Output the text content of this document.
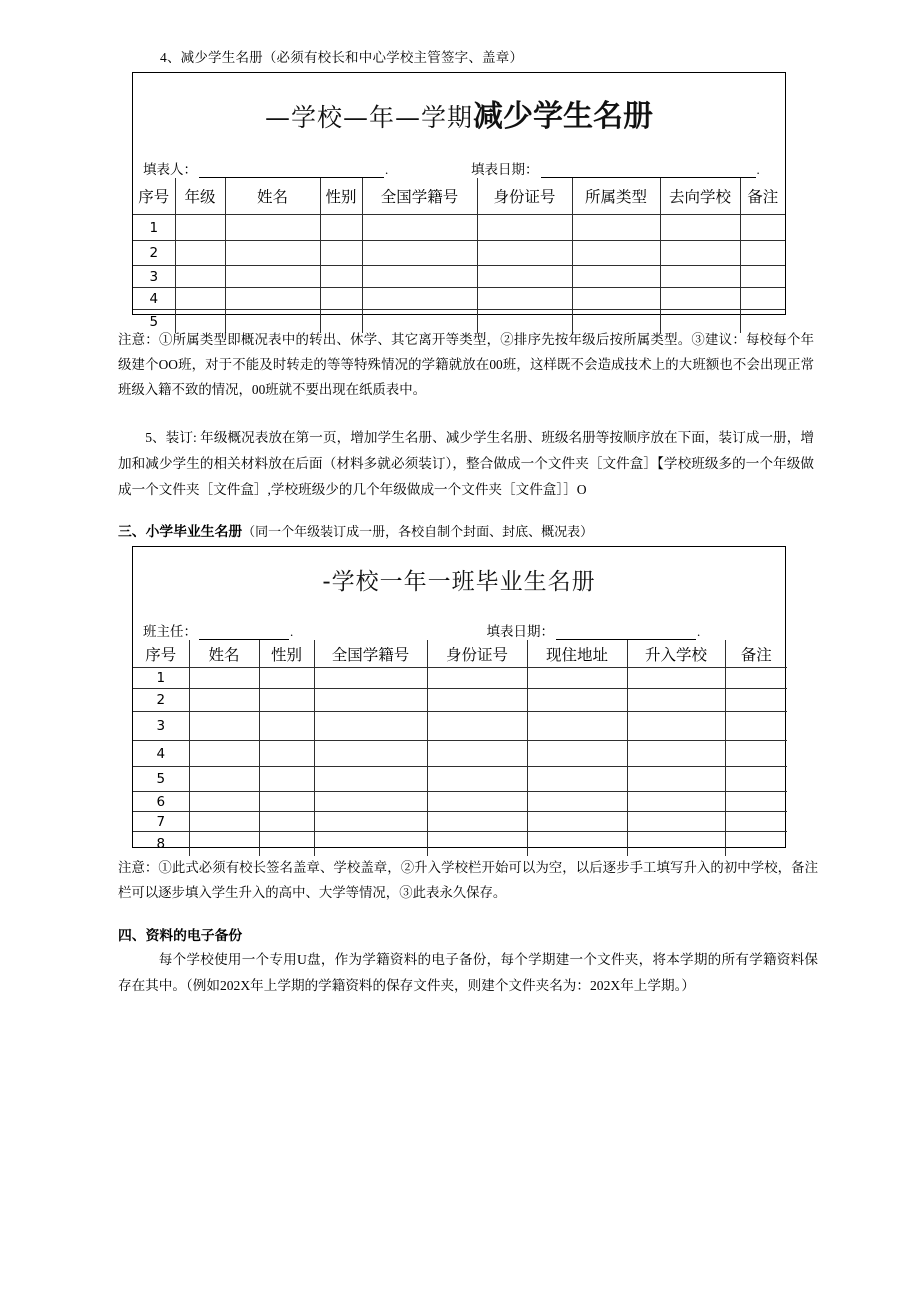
4、减少学生名册（必须有校长和中心学校主管签字、盖章）
—学校—年—学期减少学生名册
填表人：	.	填表日期：	.
序号	年级	姓名	性别	全国学籍号	身份证号	所属类型	去向学校	备注
1								
2								
3								
4								
5								

注意：①所属类型即概况表中的转出、休学、其它离开等类型，②排序先按年级后按所属类型。③建议：每校每个年级建个OO班，对于不能及时转走的等等特殊情况的学籍就放在00班，这样既不会造成技术上的大班额也不会出现正常班级入籍不致的情况，00班就不要出现在纸质表中。

5、装订: 年级概况表放在第一页，增加学生名册、减少学生名册、班级名册等按顺序放在下面，装订成一册，增加和减少学生的相关材料放在后面（材料多就必须装订），整合做成一个文件夹［文件盒］【学校班级多的一个年级做成一个文件夹［文件盒］,学校班级少的几个年级做成一个文件夹［文件盒］］O

三、小学毕业生名册（同一个年级装订成一册，各校自制个封面、封底、概况表）
-学校一年一班毕业生名册
班主任：	.	填表日期：	.
序号	姓名	性别	全国学籍号	身份证号	现住地址	升入学校	备注
1							
2							
3							
4							
5							
6							
7							
8							

注意：①此式必须有校长签名盖章、学校盖章，②升入学校栏开始可以为空，以后逐步手工填写升入的初中学校，备注栏可以逐步填入学生升入的高中、大学等情况，③此表永久保存。

四、资料的电子备份

每个学校使用一个专用U盘，作为学籍资料的电子备份，每个学期建一个文件夹，将本学期的所有学籍资料保存在其中。（例如202X年上学期的学籍资料的保存文件夹，则建个文件夹名为：202X年上学期。）
